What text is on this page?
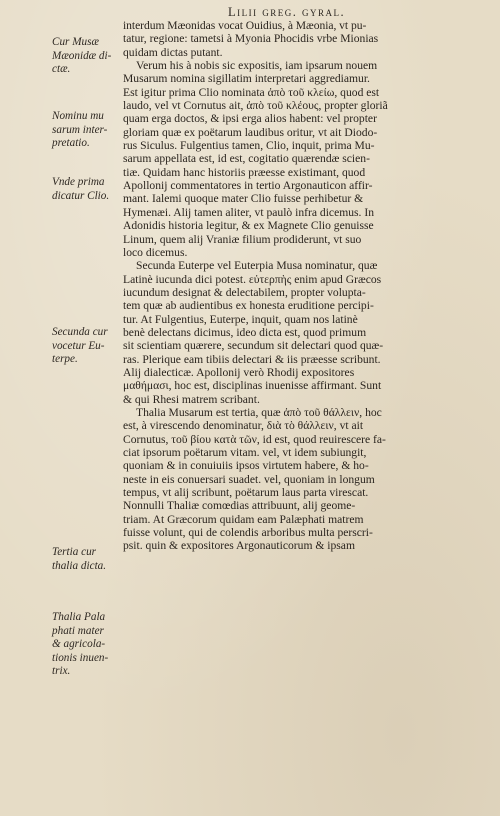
Lilii greg. gyral.
Cur Musæ
Mæonidæ di-
ctæ.
Nominu mu
sarum inter-
pretatio.
Vnde prima
dicatur Clio.
Secunda cur
vocetur Eu-
terpe.
Tertia cur
thalia dicta.
Thalia Pala
phati mater
& agricola-
tionis inuen-
trix.
interdum Mæonidas vocat Ouidius, à Mæonia, vt pu-
tatur, regione: tametsi à Myonia Phocidis vrbe Mionias
quidam dictas putant.
Verum his à nobis sic expositis, iam ipsarum nouem
Musarum nomina sigillatim interpretari aggrediamur.
Est igitur prima Clio nominata ἀπὸ τοῦ κλείω, quod est
laudo, vel vt Cornutus ait, ἀπὸ τοῦ κλέους, propter gloriã
quam erga doctos, & ipsi erga alios habent: vel propter
gloriam quæ ex poëtarum laudibus oritur, vt ait Diodo-
rus Siculus. Fulgentius tamen, Clio, inquit, prima Mu-
sarum appellata est, id est, cogitatio quærendæ scien-
tiæ. Quidam hanc historiis præesse existimant, quod
Apollonij commentatores in tertio Argonauticon affir-
mant. Ialemi quoque mater Clio fuisse perhibetur &
Hymenæi. Alij tamen aliter, vt paulò infra dicemus. In
Adonidis historia legitur, & ex Magnete Clio genuisse
Linum, quem alij Vraniæ filium prodiderunt, vt suo
loco dicemus.
Secunda Euterpe vel Euterpia Musa nominatur, quæ
Latinè iucunda dici potest. εὐτερπὴς enim apud Græcos
iucundum designat & delectabilem, propter volupta-
tem quæ ab audientibus ex honesta eruditione percipi-
tur. At Fulgentius, Euterpe, inquit, quam nos latinè
benè delectans dicimus, ideo dicta est, quod primum
sit scientiam quærere, secundum sit delectari quod quæ-
ras. Plerique eam tibiis delectari & iis præesse scribunt.
Alij dialecticæ. Apollonij verò Rhodij expositores
μαθήμασι, hoc est, disciplinas inuenisse affirmant. Sunt
& qui Rhesi matrem scribant.
Thalia Musarum est tertia, quæ ἀπὸ τοῦ θάλλειν, hoc
est, à virescendo denominatur, διὰ τὸ θάλλειν, vt ait
Cornutus, τοῦ βίου κατὰ τῶν, id est, quod reuirescere fa-
ciat ipsorum poëtarum vitam. vel, vt idem subiungit,
quoniam & in conuiuiis ipsos virtutem habere, & ho-
neste in eis conuersari suadet. vel, quoniam in longum
tempus, vt alij scribunt, poëtarum laus parta virescat.
Nonnulli Thaliæ comœdias attribuunt, alij geome-
triam. At Græcorum quidam eam Palæphati matrem
fuisse volunt, qui de colendis arboribus multa perscri-
psit. quin & expositores Argonauticorum & ipsam
